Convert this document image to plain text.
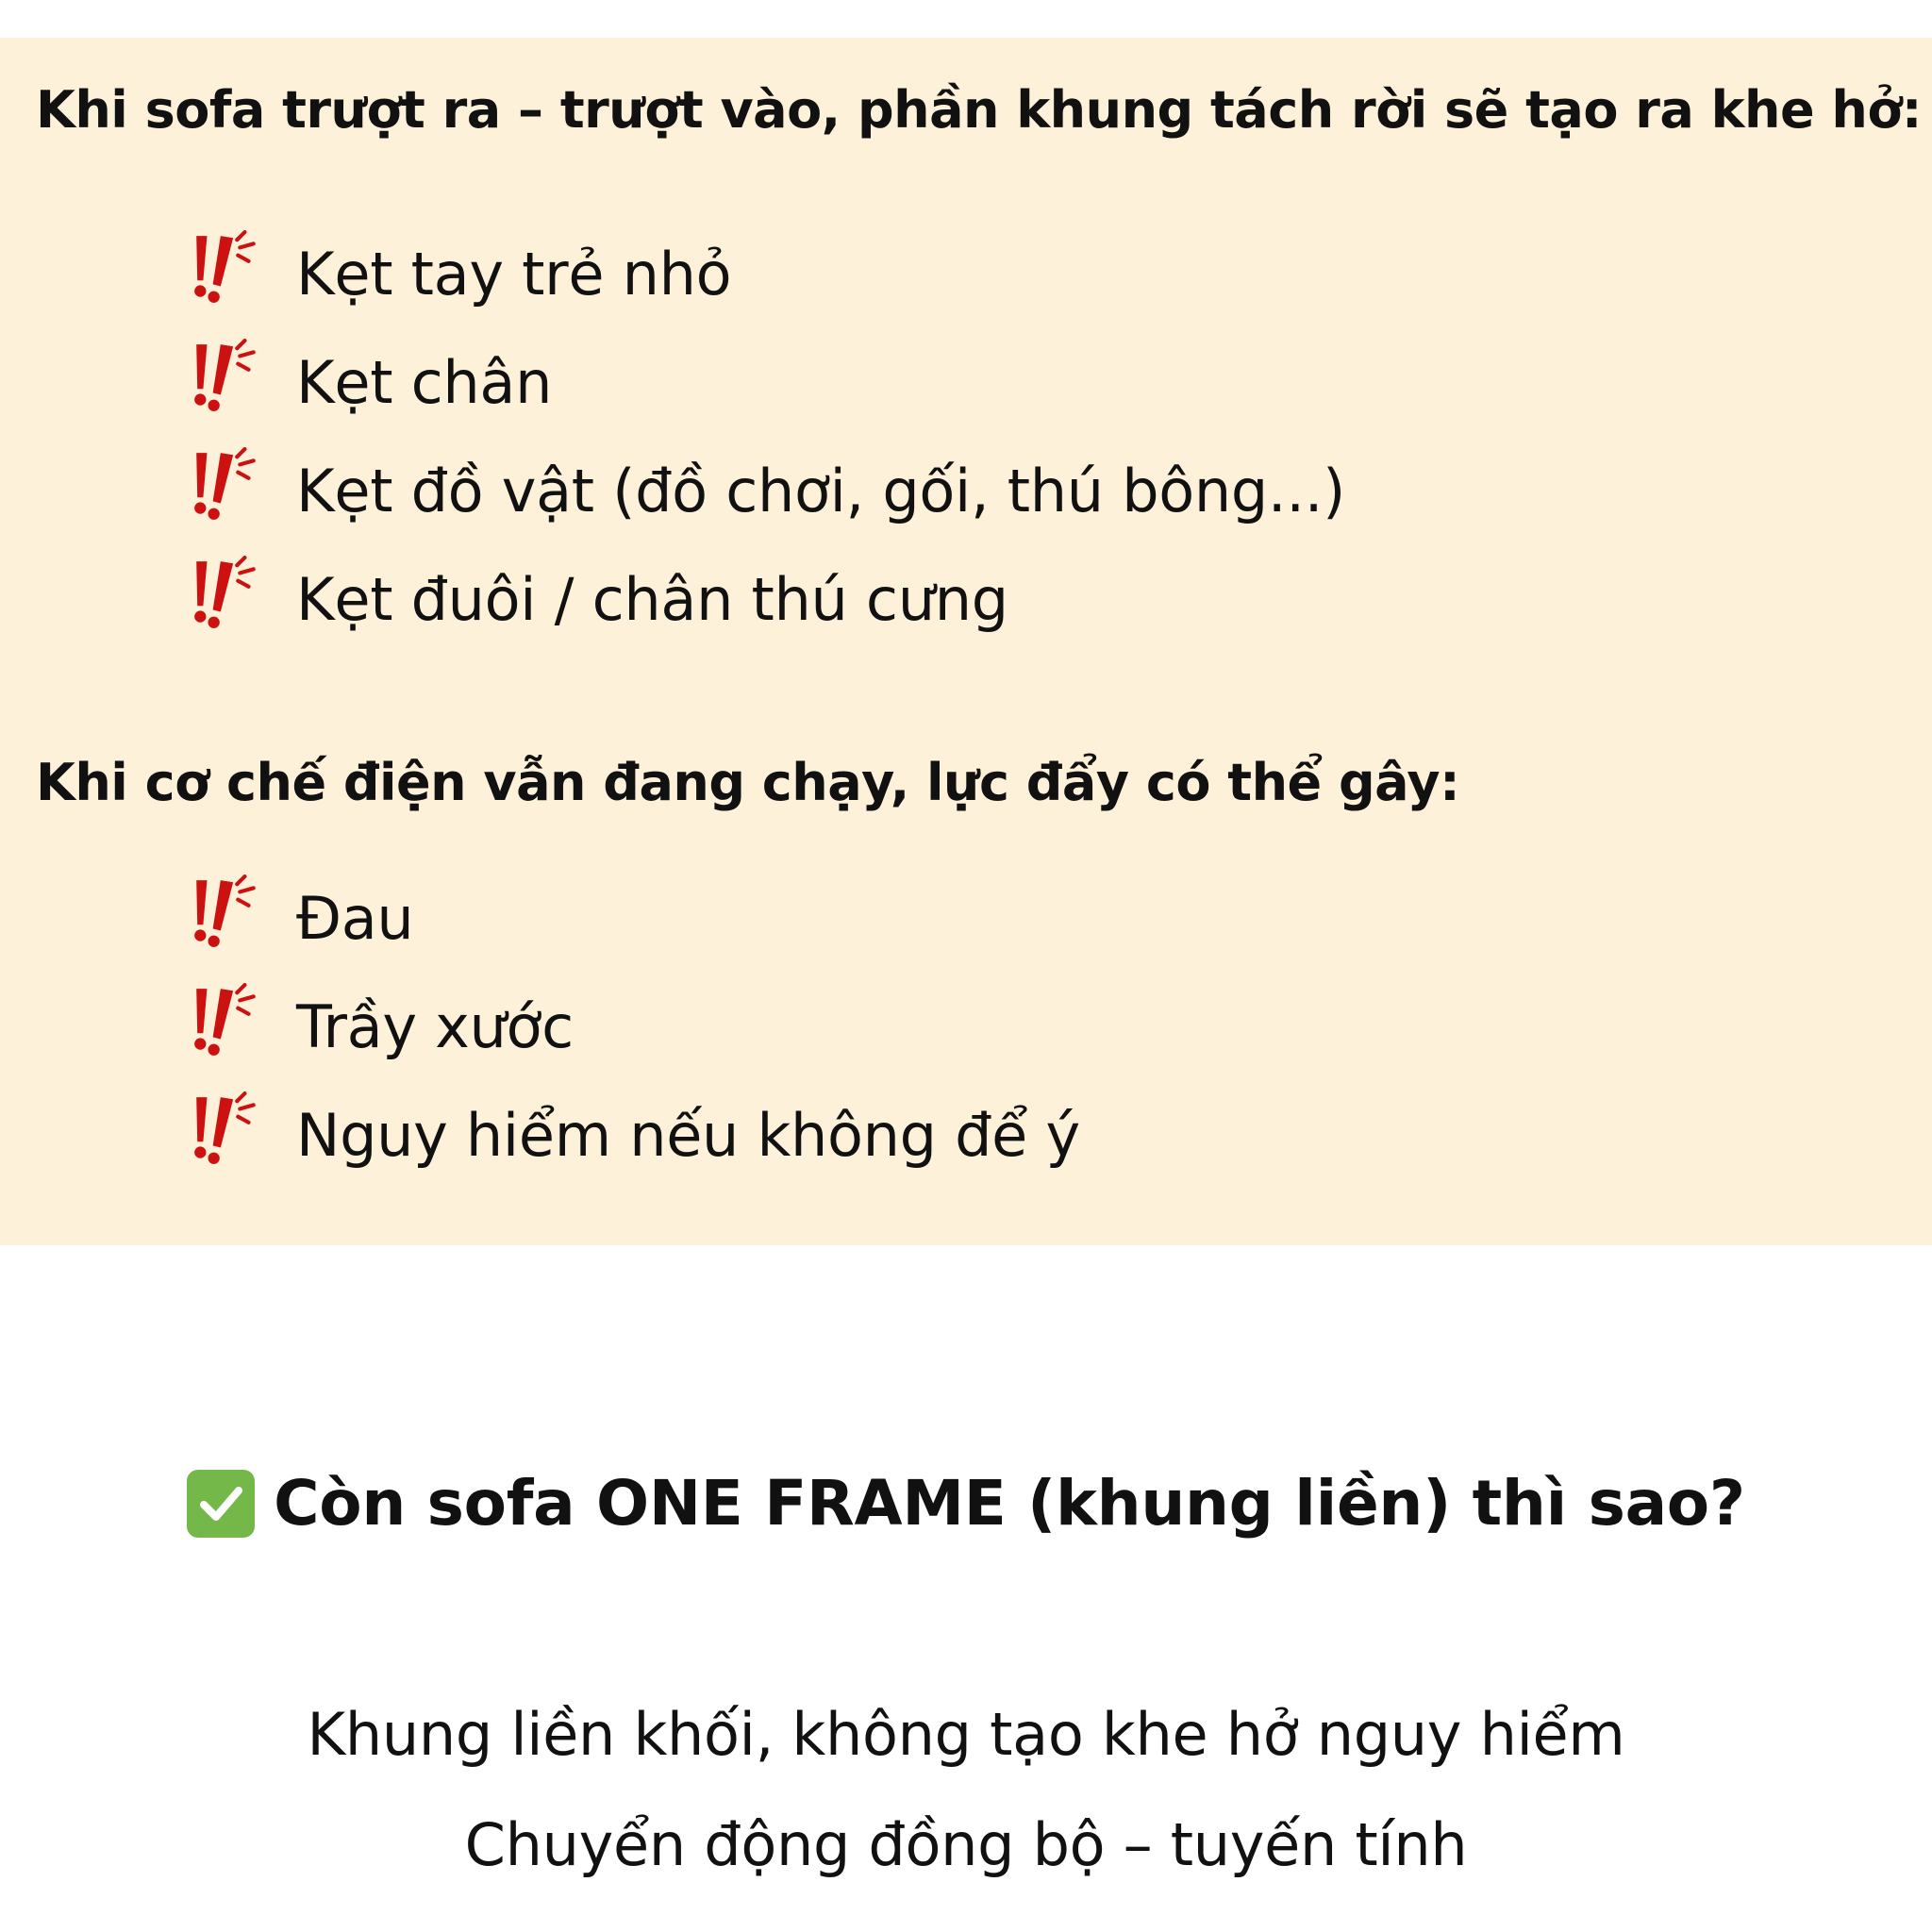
Khi sofa trượt ra – trượt vào, phần khung tách rời sẽ tạo ra khe hở:
Kẹt tay trẻ nhỏ
Kẹt chân
Kẹt đồ vật (đồ chơi, gối, thú bông...)
Kẹt đuôi / chân thú cưng
Khi cơ chế điện vẫn đang chạy, lực đẩy có thể gây:
Đau
Trầy xước
Nguy hiểm nếu không để ý
Còn sofa ONE FRAME (khung liền) thì sao?
Khung liền khối, không tạo khe hở nguy hiểm
Chuyển động đồng bộ – tuyến tính
